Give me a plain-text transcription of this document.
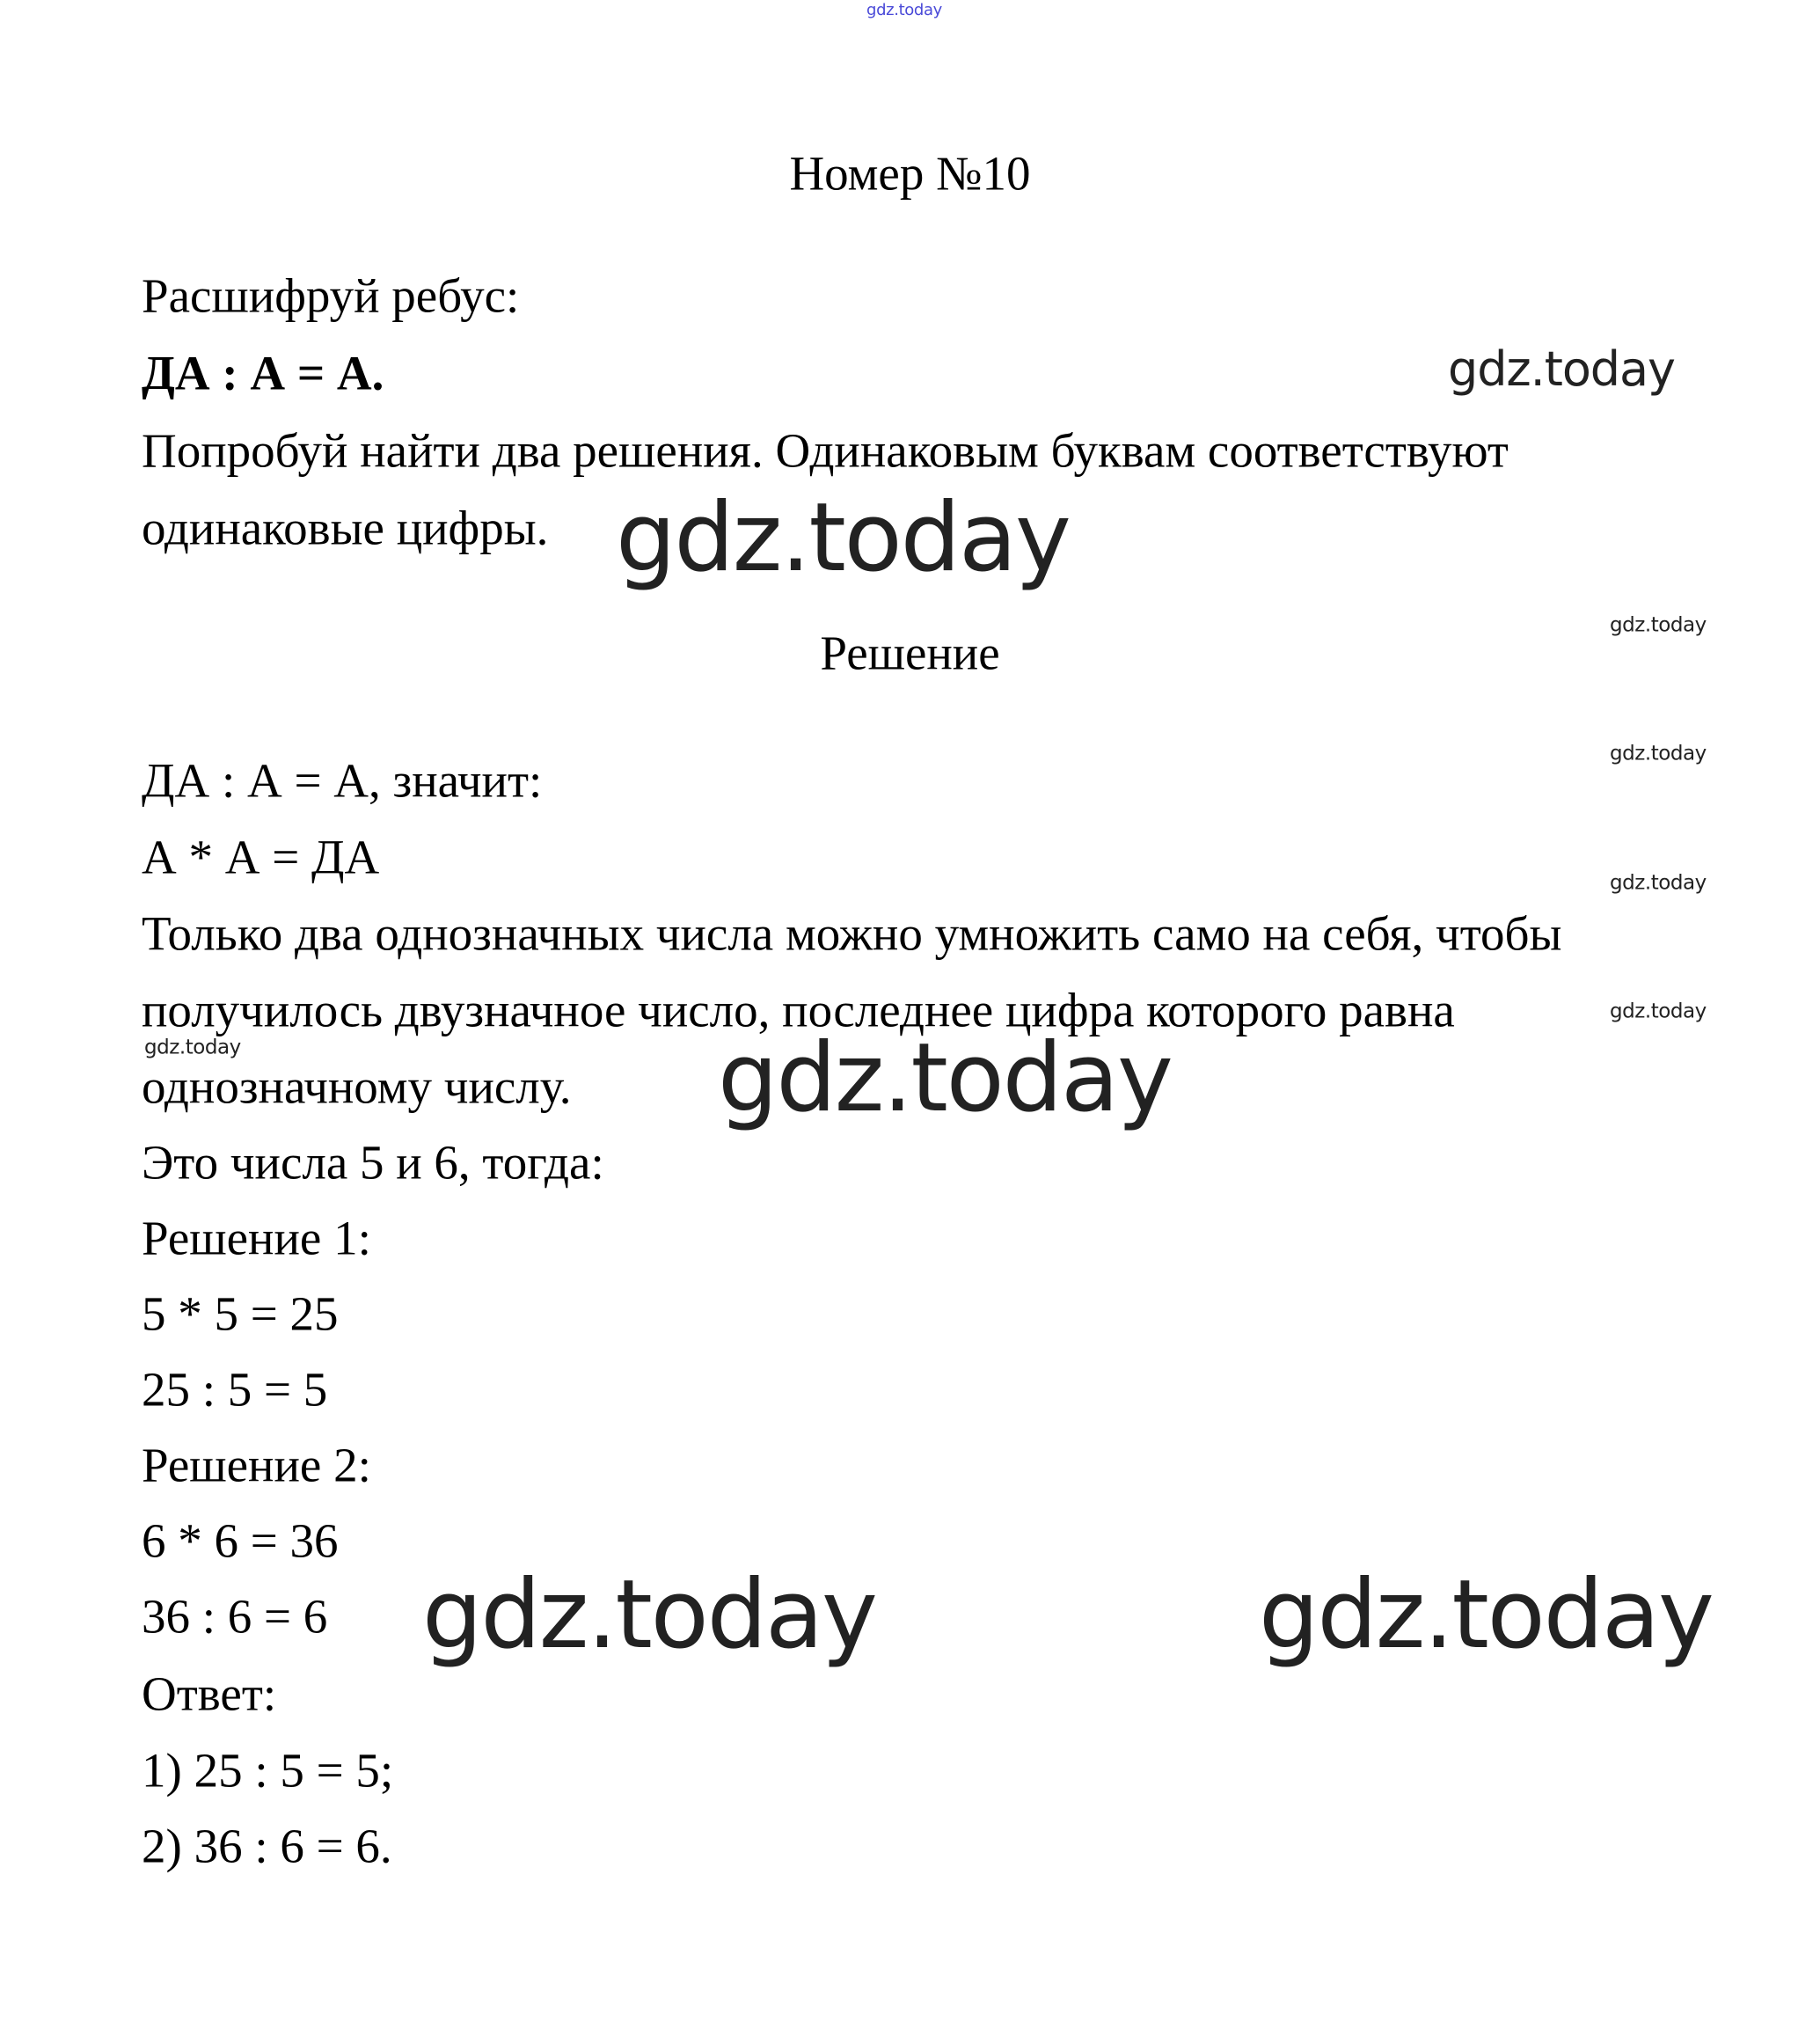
gdz.today
Номер №10
Расшифруй ребус:
ДА : А = А.
Попробуй найти два решения. Одинаковым буквам соответствуют
одинаковые цифры.
Решение
ДА : А = А, значит:
А * А = ДА
Только два однозначных числа можно умножить само на себя, чтобы
получилось двузначное число, последнее цифра которого равна
однозначному числу.
Это числа 5 и 6, тогда:
Решение 1:
5 * 5 = 25
25 : 5 = 5
Решение 2:
6 * 6 = 36
36 : 6 = 6
Ответ:
1) 25 : 5 = 5;
2) 36 : 6 = 6.
gdz.today
gdz.today
gdz.today
gdz.today
gdz.today
gdz.today
gdz.today	gdz.today
gdz.today	gdz.today
